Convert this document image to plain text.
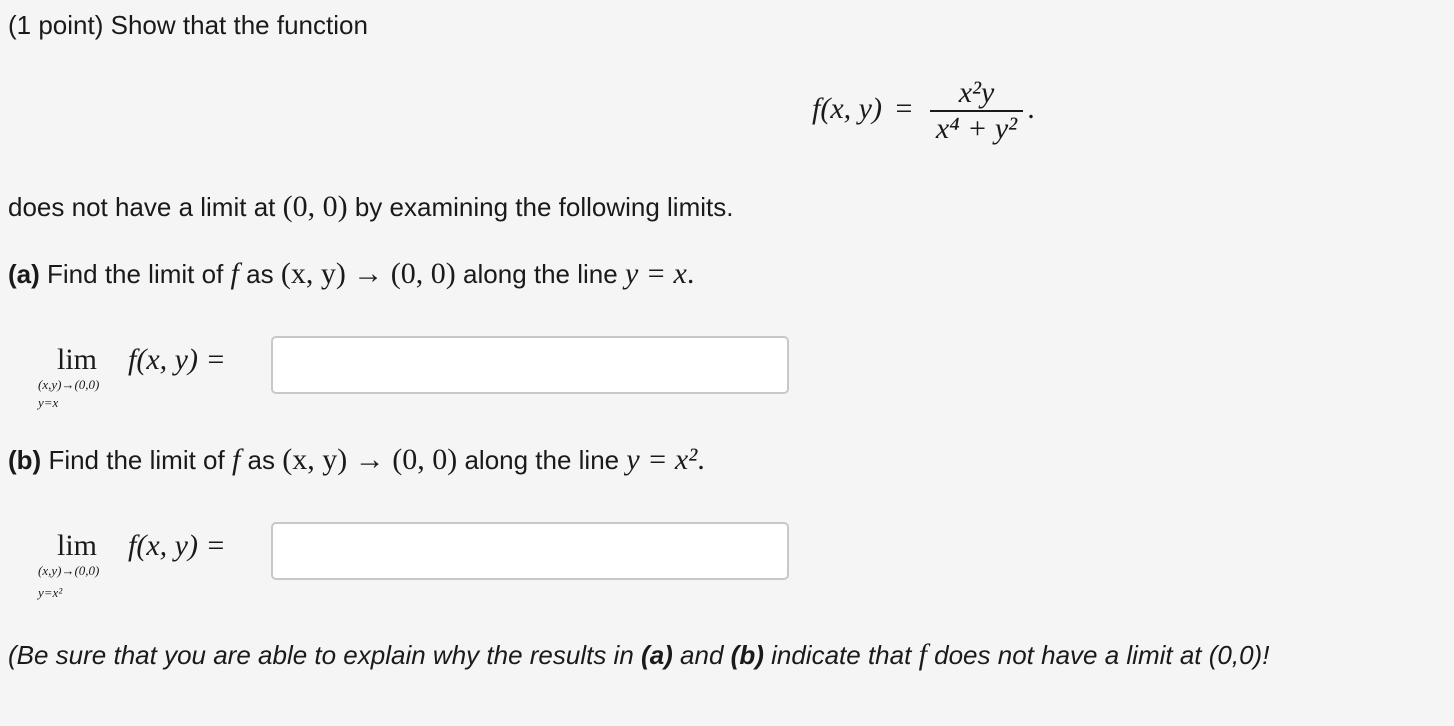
(1 point) Show that the function
f(x, $y) = \frac{\text{x²y}}{\text{x⁴ + y²}}$ .
does not have a limit at (0, 0) by examining the following limits.
(a) Find the limit of f as (x, y) → (0, 0) along the line y = x.
lim
(x,y)→(0,0)
y=x
f(x, y) =
(b) Find the limit of f as (x, y) → (0, 0) along the line y = x².
lim
(x,y)→(0,0)
y=x²
f(x, y) =
(Be sure that you are able to explain why the results in (a) and (b) indicate that f does not have a limit at (0,0)!
